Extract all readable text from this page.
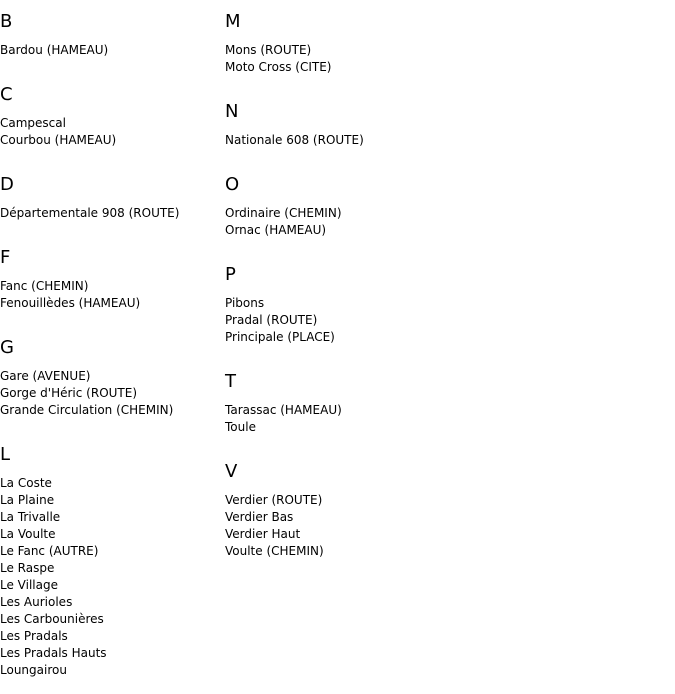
B
Bardou (HAMEAU)
C
Campescal
Courbou (HAMEAU)
D
Départementale 908 (ROUTE)
F
Fanc (CHEMIN)
Fenouillèdes (HAMEAU)
G
Gare (AVENUE)
Gorge d'Héric (ROUTE)
Grande Circulation (CHEMIN)
L
La Coste
La Plaine
La Trivalle
La Voulte
Le Fanc (AUTRE)
Le Raspe
Le Village
Les Aurioles
Les Carbounières
Les Pradals
Les Pradals Hauts
Loungairou
M
Mons (ROUTE)
Moto Cross (CITE)
N
Nationale 608 (ROUTE)
O
Ordinaire (CHEMIN)
Ornac (HAMEAU)
P
Pibons
Pradal (ROUTE)
Principale (PLACE)
T
Tarassac (HAMEAU)
Toule
V
Verdier (ROUTE)
Verdier Bas
Verdier Haut
Voulte (CHEMIN)
